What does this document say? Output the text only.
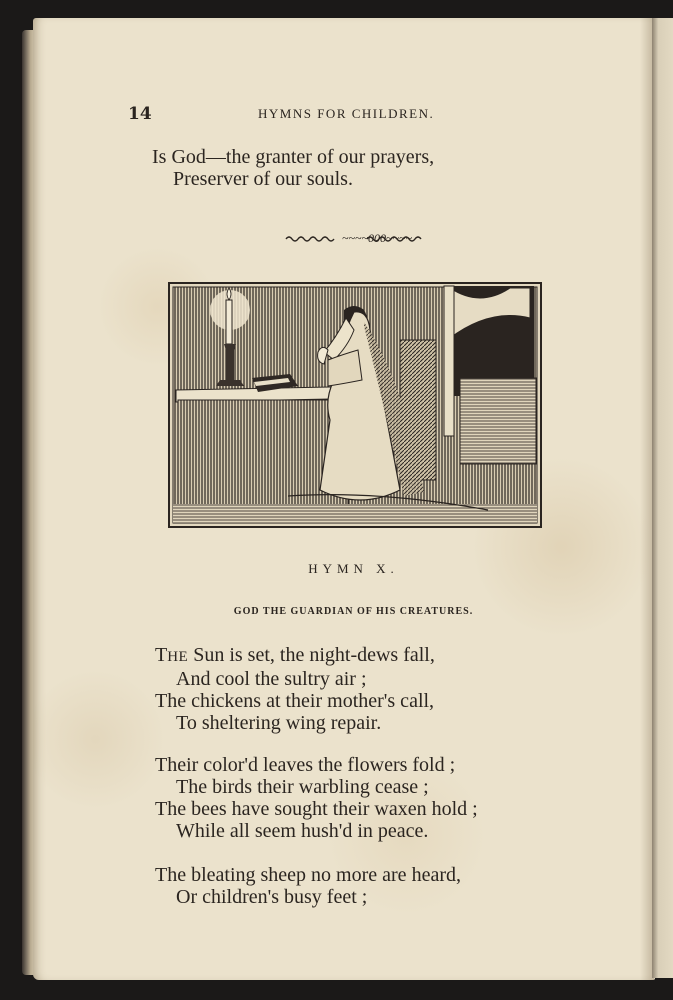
14	HYMNS FOR CHILDREN.
Is God—the granter of our prayers,
Preserver of our souls.
~~~~000~~~~
HYMN X.
GOD THE GUARDIAN OF HIS CREATURES.
THE Sun is set, the night-dews fall,
And cool the sultry air ;
The chickens at their mother's call,
To sheltering wing repair.
Their color'd leaves the flowers fold ;
The birds their warbling cease ;
The bees have sought their waxen hold ;
While all seem hush'd in peace.
The bleating sheep no more are heard,
Or children's busy feet ;
